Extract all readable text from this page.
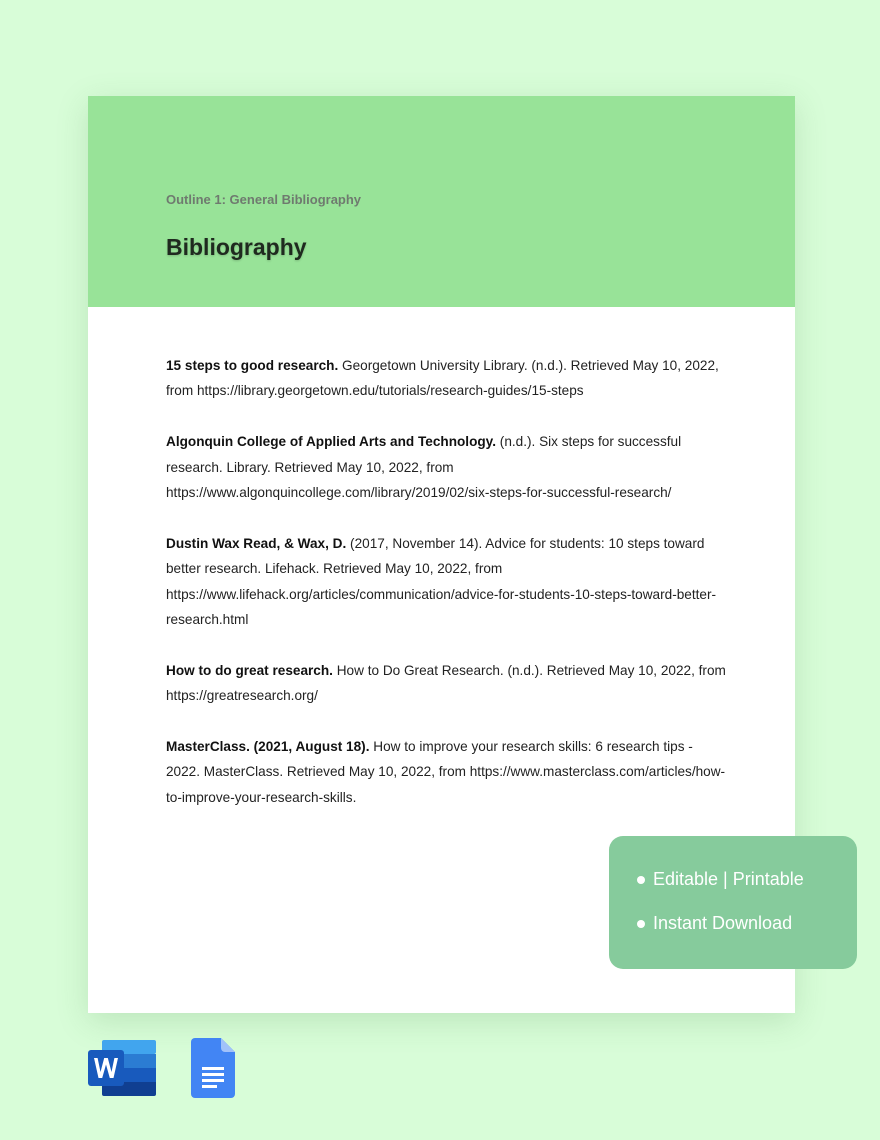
Outline 1: General Bibliography
Bibliography

15 steps to good research. Georgetown University Library. (n.d.). Retrieved May 10, 2022, from https://library.georgetown.edu/tutorials/research-guides/15-steps

Algonquin College of Applied Arts and Technology. (n.d.). Six steps for successful research. Library. Retrieved May 10, 2022, from https://www.algonquincollege.com/library/2019/02/six-steps-for-successful-research/

Dustin Wax Read, & Wax, D. (2017, November 14). Advice for students: 10 steps toward better research. Lifehack. Retrieved May 10, 2022, from https://www.lifehack.org/articles/communication/advice-for-students-10-steps-toward-better-research.html

How to do great research. How to Do Great Research. (n.d.). Retrieved May 10, 2022, from https://greatresearch.org/

MasterClass. (2021, August 18). How to improve your research skills: 6 research tips - 2022. MasterClass. Retrieved May 10, 2022, from https://www.masterclass.com/articles/how-to-improve-your-research-skills.

Editable | Printable
Instant Download
